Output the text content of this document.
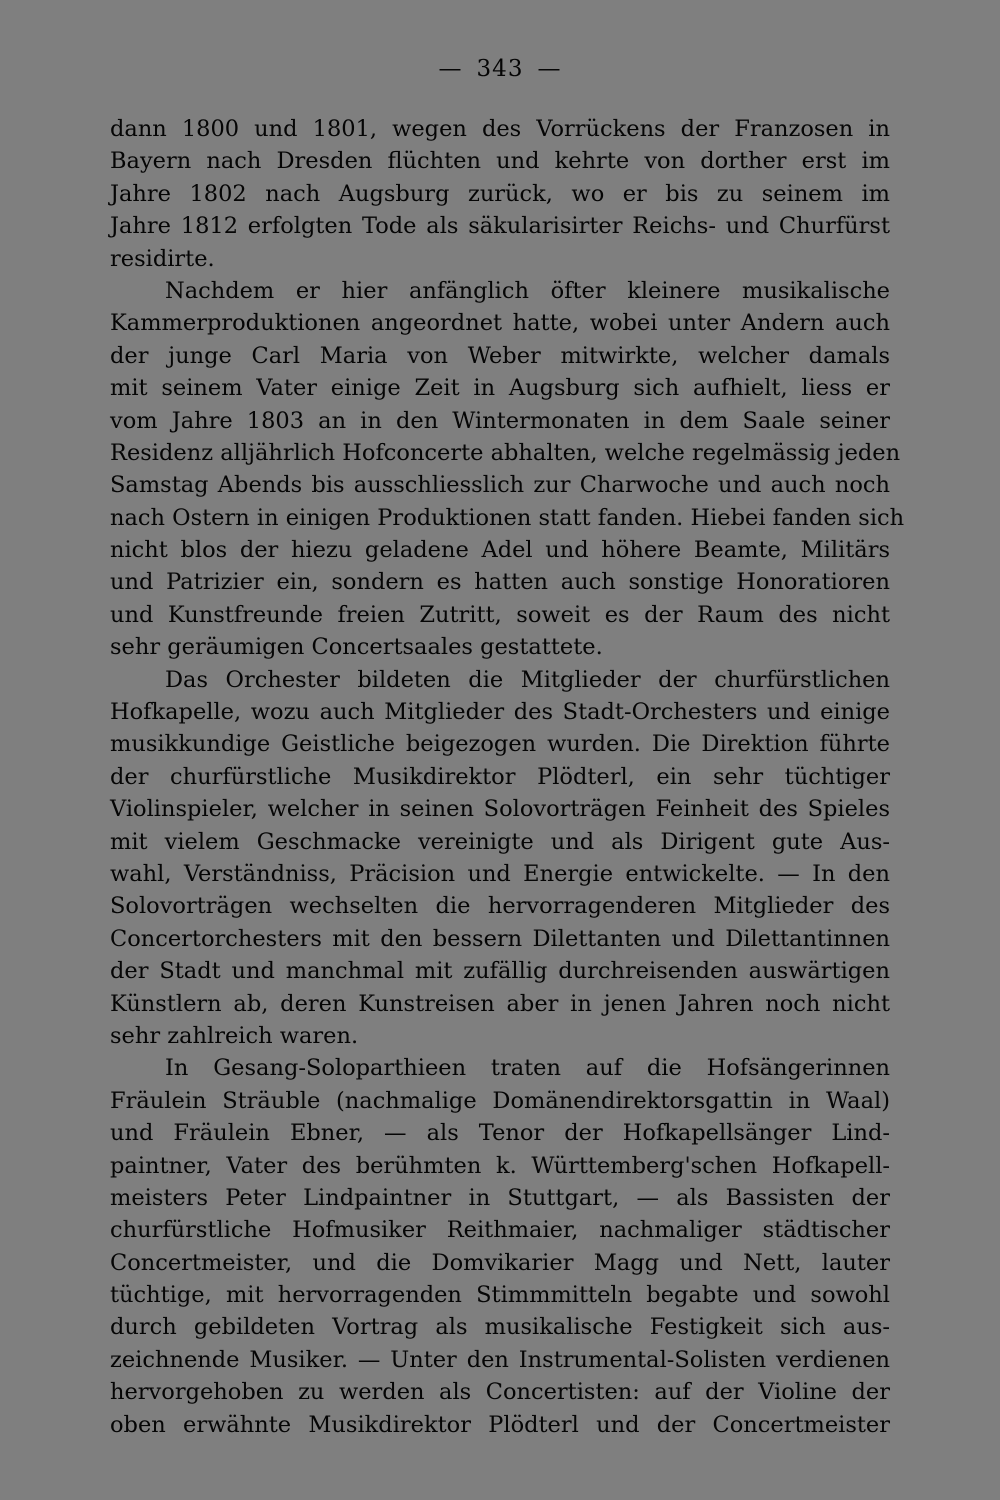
— 343 —
dann 1800 und 1801, wegen des Vorrückens der Franzosen in
Bayern nach Dresden flüchten und kehrte von dorther erst im
Jahre 1802 nach Augsburg zurück, wo er bis zu seinem im
Jahre 1812 erfolgten Tode als säkularisirter Reichs- und Churfürst
residirte.
Nachdem er hier anfänglich öfter kleinere musikalische
Kammerproduktionen angeordnet hatte, wobei unter Andern auch
der junge Carl Maria von Weber mitwirkte, welcher damals
mit seinem Vater einige Zeit in Augsburg sich aufhielt, liess er
vom Jahre 1803 an in den Wintermonaten in dem Saale seiner
Residenz alljährlich Hofconcerte abhalten, welche regelmässig jeden
Samstag Abends bis ausschliesslich zur Charwoche und auch noch
nach Ostern in einigen Produktionen statt fanden. Hiebei fanden sich
nicht blos der hiezu geladene Adel und höhere Beamte, Militärs
und Patrizier ein, sondern es hatten auch sonstige Honoratioren
und Kunstfreunde freien Zutritt, soweit es der Raum des nicht
sehr geräumigen Concertsaales gestattete.
Das Orchester bildeten die Mitglieder der churfürstlichen
Hofkapelle, wozu auch Mitglieder des Stadt-Orchesters und einige
musikkundige Geistliche beigezogen wurden. Die Direktion führte
der churfürstliche Musikdirektor Plödterl, ein sehr tüchtiger
Violinspieler, welcher in seinen Solovorträgen Feinheit des Spieles
mit vielem Geschmacke vereinigte und als Dirigent gute Aus-
wahl, Verständniss, Präcision und Energie entwickelte. — In den
Solovorträgen wechselten die hervorragenderen Mitglieder des
Concertorchesters mit den bessern Dilettanten und Dilettantinnen
der Stadt und manchmal mit zufällig durchreisenden auswärtigen
Künstlern ab, deren Kunstreisen aber in jenen Jahren noch nicht
sehr zahlreich waren.
In Gesang-Soloparthieen traten auf die Hofsängerinnen
Fräulein Sträuble (nachmalige Domänendirektorsgattin in Waal)
und Fräulein Ebner, — als Tenor der Hofkapellsänger Lind-
paintner, Vater des berühmten k. Württemberg'schen Hofkapell-
meisters Peter Lindpaintner in Stuttgart, — als Bassisten der
churfürstliche Hofmusiker Reithmaier, nachmaliger städtischer
Concertmeister, und die Domvikarier Magg und Nett, lauter
tüchtige, mit hervorragenden Stimmmitteln begabte und sowohl
durch gebildeten Vortrag als musikalische Festigkeit sich aus-
zeichnende Musiker. — Unter den Instrumental-Solisten verdienen
hervorgehoben zu werden als Concertisten: auf der Violine der
oben erwähnte Musikdirektor Plödterl und der Concertmeister
